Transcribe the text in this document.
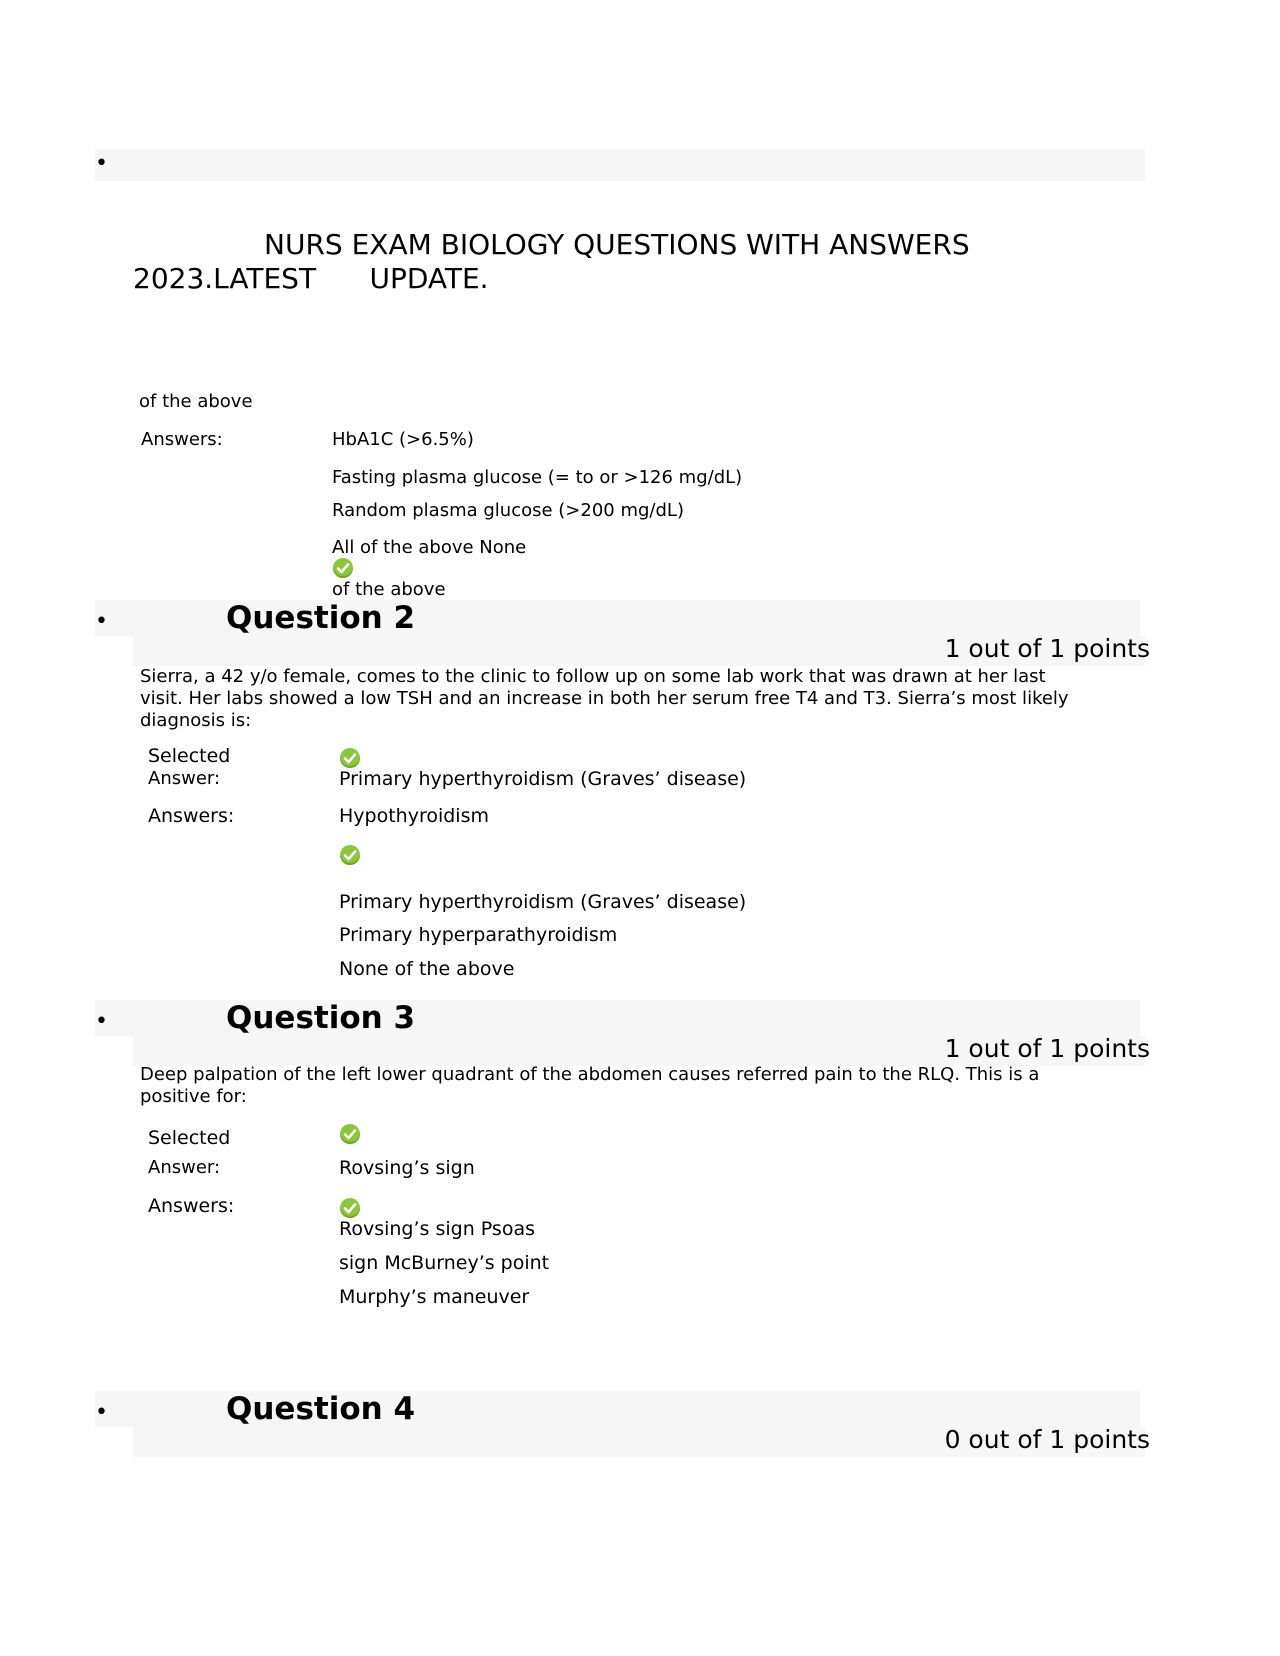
•
NURS EXAM BIOLOGY QUESTIONS WITH ANSWERS
2023.LATEST      UPDATE.
of the above
Answers:	HbA1C (>6.5%)
Fasting plasma glucose (= to or >126 mg/dL)
Random plasma glucose (>200 mg/dL)
All of the above None
of the above
•	Question 2
1 out of 1 points
Sierra, a 42 y/o female, comes to the clinic to follow up on some lab work that was drawn at her last visit. Her labs showed a low TSH and an increase in both her serum free T4 and T3. Sierra’s most likely diagnosis is:
Selected
Answer:	Primary hyperthyroidism (Graves’ disease)
Answers:	Hypothyroidism
Primary hyperthyroidism (Graves’ disease)
Primary hyperparathyroidism
None of the above
•	Question 3
1 out of 1 points
Deep palpation of the left lower quadrant of the abdomen causes referred pain to the RLQ. This is a positive for:
Selected
Answer:	Rovsing’s sign
Answers:
Rovsing’s sign Psoas
sign McBurney’s point
Murphy’s maneuver
•	Question 4
0 out of 1 points
